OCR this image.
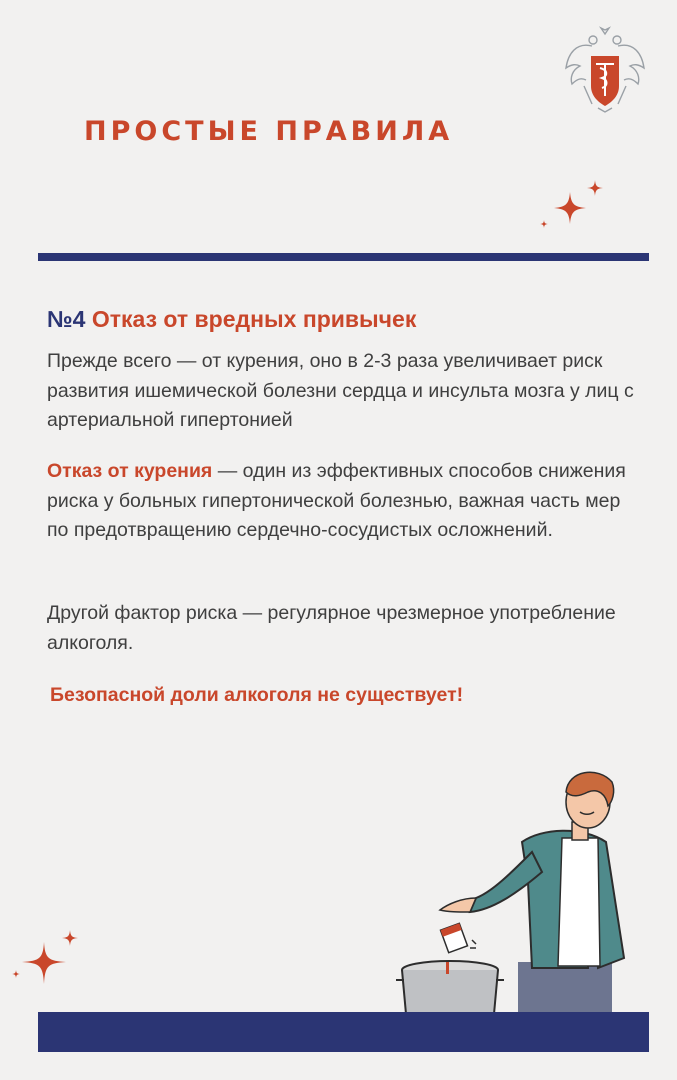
ПРОСТЫЕ ПРАВИЛА
№4 Отказ от вредных привычек
Прежде всего — от курения, оно в 2-3 раза увеличивает риск развития ишемической болезни сердца и инсульта мозга у лиц с артериальной гипертонией
Отказ от курения — один из эффективных способов снижения риска у больных гипертонической болезнью, важная часть мер по предотвращению сердечно-сосудистых осложнений.
Другой фактор риска — регулярное чрезмерное употребление алкоголя.
Безопасной доли алкоголя не существует!
